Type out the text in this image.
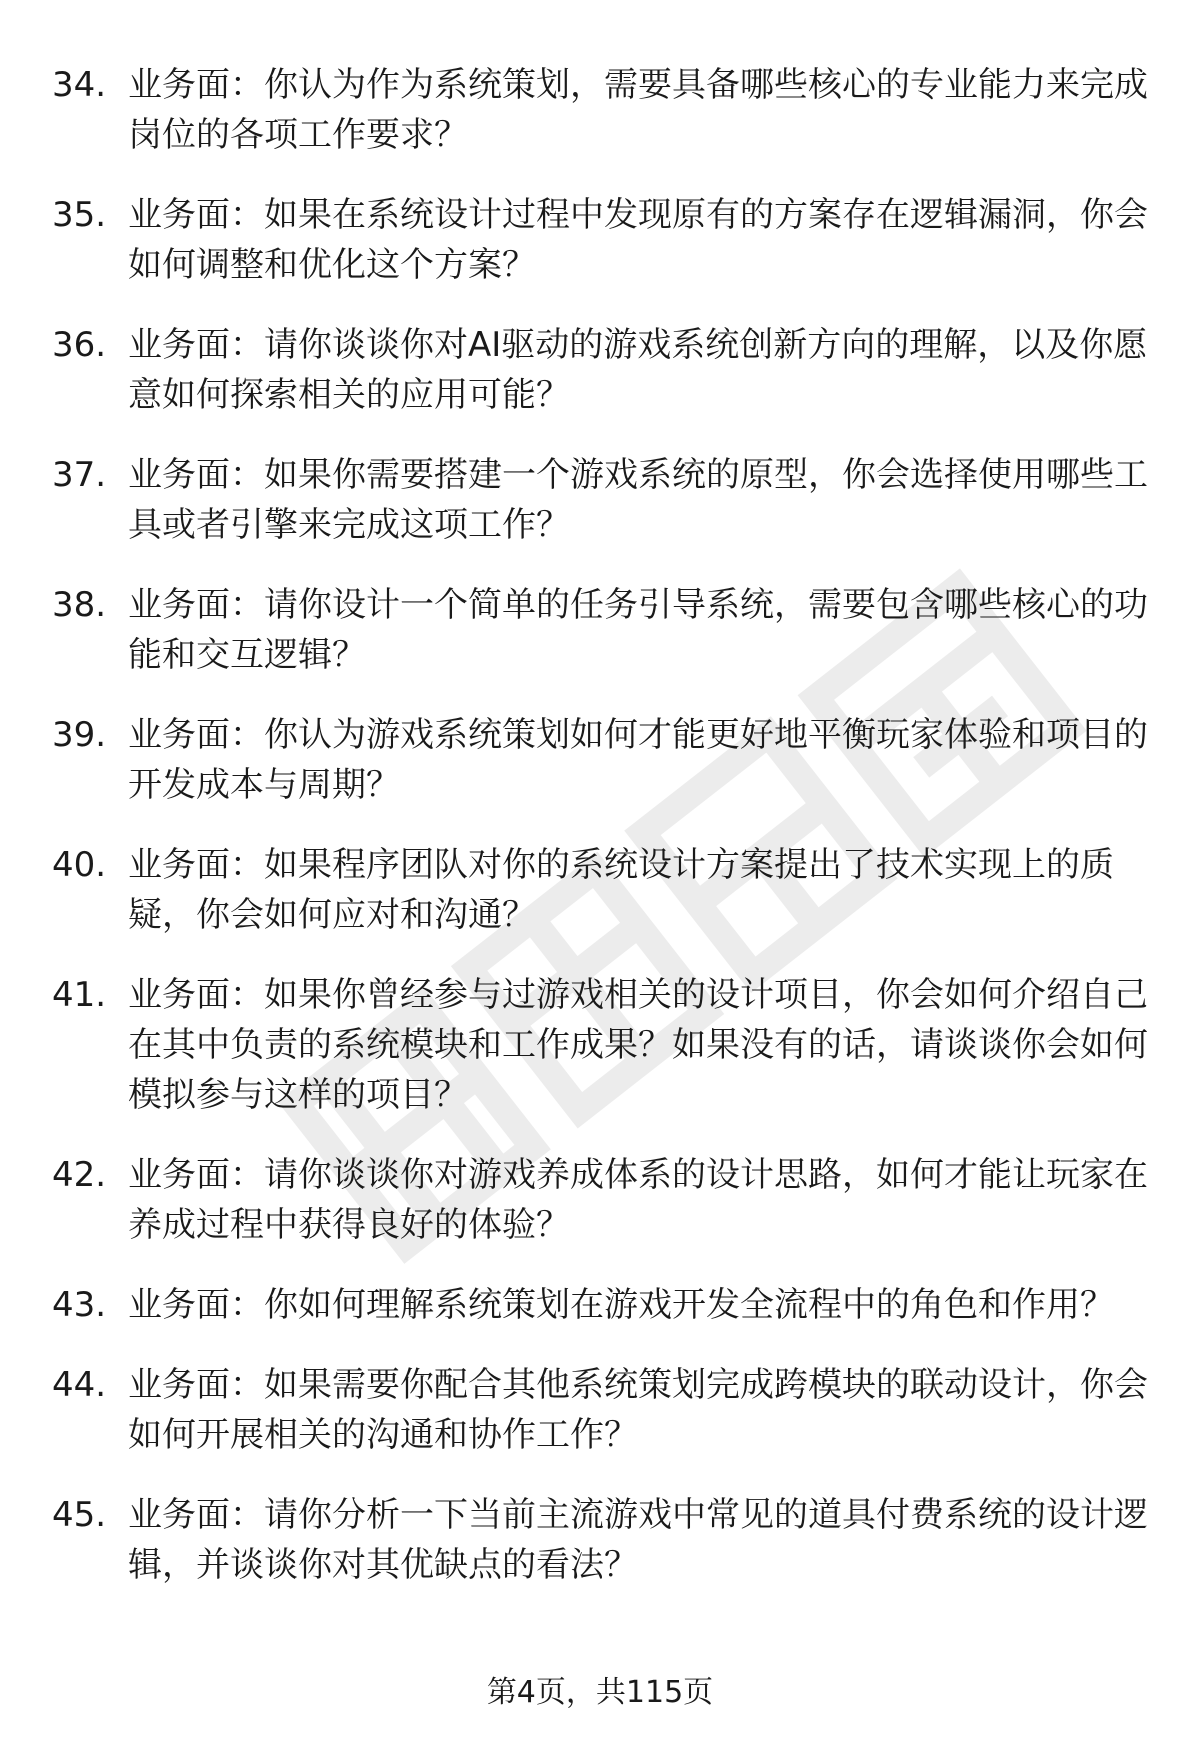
34. 业务面：你认为作为系统策划，需要具备哪些核心的专业能力来完成岗位的各项工作要求？
35. 业务面：如果在系统设计过程中发现原有的方案存在逻辑漏洞，你会如何调整和优化这个方案？
36. 业务面：请你谈谈你对AI驱动的游戏系统创新方向的理解，以及你愿意如何探索相关的应用可能？
37. 业务面：如果你需要搭建一个游戏系统的原型，你会选择使用哪些工具或者引擎来完成这项工作？
38. 业务面：请你设计一个简单的任务引导系统，需要包含哪些核心的功能和交互逻辑？
39. 业务面：你认为游戏系统策划如何才能更好地平衡玩家体验和项目的开发成本与周期？
40. 业务面：如果程序团队对你的系统设计方案提出了技术实现上的质疑，你会如何应对和沟通？
41. 业务面：如果你曾经参与过游戏相关的设计项目，你会如何介绍自己在其中负责的系统模块和工作成果？如果没有的话，请谈谈你会如何模拟参与这样的项目？
42. 业务面：请你谈谈你对游戏养成体系的设计思路，如何才能让玩家在养成过程中获得良好的体验？
43. 业务面：你如何理解系统策划在游戏开发全流程中的角色和作用？
44. 业务面：如果需要你配合其他系统策划完成跨模块的联动设计，你会如何开展相关的沟通和协作工作？
45. 业务面：请你分析一下当前主流游戏中常见的道具付费系统的设计逻辑，并谈谈你对其优缺点的看法？
第4页，共115页
